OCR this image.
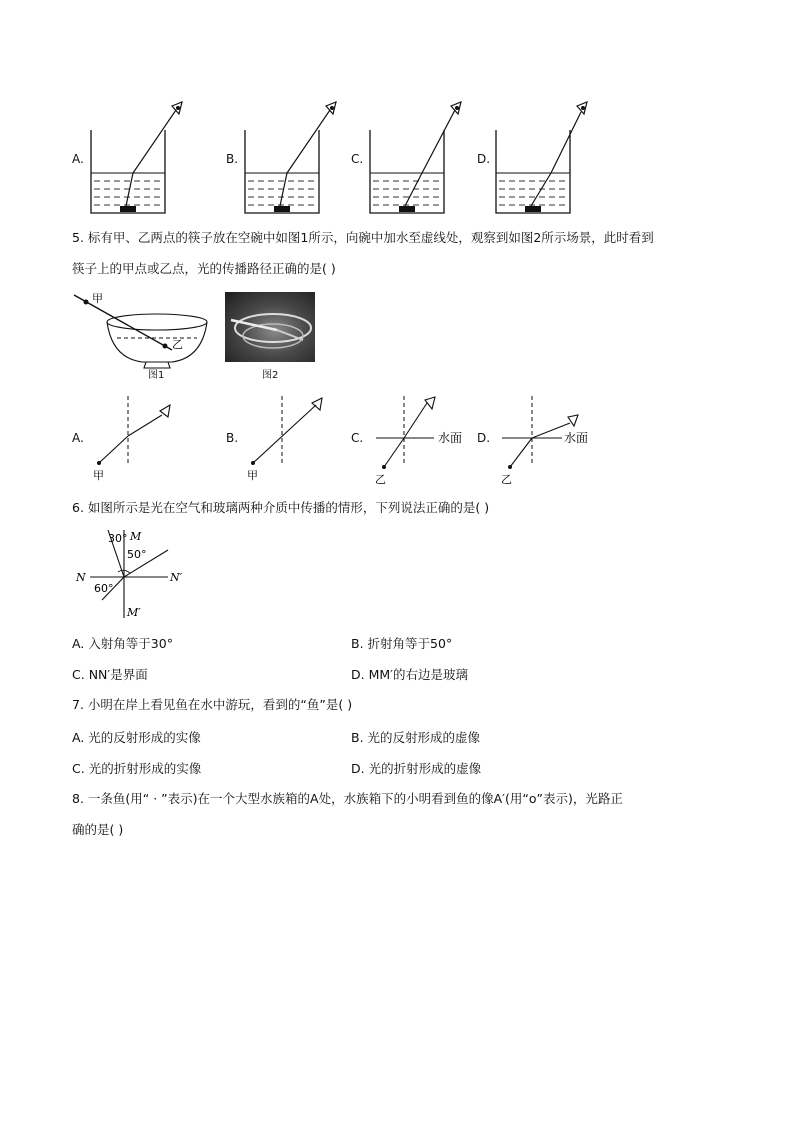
A.	B.	C.	D.
5. 标有甲、乙两点的筷子放在空碗中如图1所示，向碗中加水至虚线处，观察到如图2所示场景，此时看到
筷子上的甲点或乙点，光的传播路径正确的是( )
甲
乙
图1	图2
A.
甲
B.
甲
C.
乙
水面 D.
乙
水面
6. 如图所示是光在空气和玻璃两种介质中传播的情形，下列说法正确的是( )
30° M
50°
N	N′
60°
M′
A. 入射角等于30°	B. 折射角等于50°
C. NN′是界面	D. MM′的右边是玻璃
7. 小明在岸上看见鱼在水中游玩，看到的“鱼”是( )
A. 光的反射形成的实像	B. 光的反射形成的虚像
C. 光的折射形成的实像	D. 光的折射形成的虚像
8. 一条鱼(用“ · ”表示)在一个大型水族箱的A处，水族箱下的小明看到鱼的像A′(用“ο”表示)，光路正
确的是( )
